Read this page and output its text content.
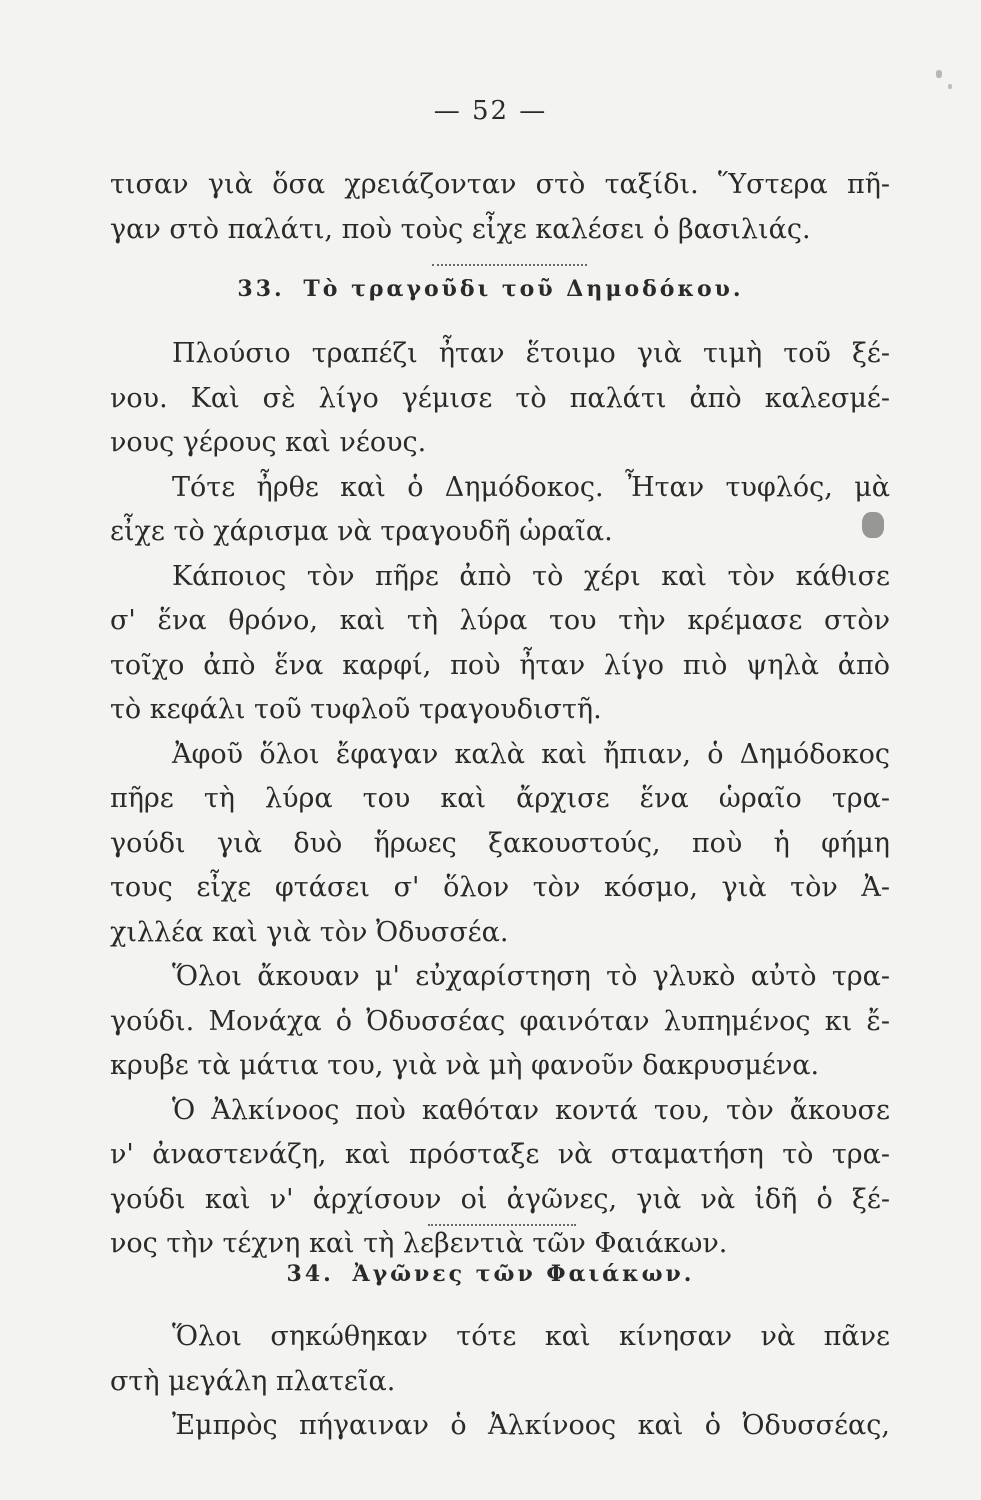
— 52 —
τισαν γιὰ ὅσα χρειάζονταν στὸ ταξίδι. Ὕστερα πῆ-
γαν στὸ παλάτι, ποὺ τοὺς εἶχε καλέσει ὁ βασιλιάς.
33. Τὸ τραγοῦδι τοῦ Δημοδόκου.
Πλούσιο τραπέζι ἦταν ἕτοιμο γιὰ τιμὴ τοῦ ξέ-
νου. Καὶ σὲ λίγο γέμισε τὸ παλάτι ἀπὸ καλεσμέ-
νους γέρους καὶ νέους.
Τότε ἦρθε καὶ ὁ Δημόδοκος. Ἦταν τυφλός, μὰ
εἶχε τὸ χάρισμα νὰ τραγουδῆ ὡραῖα.
Κάποιος τὸν πῆρε ἀπὸ τὸ χέρι καὶ τὸν κάθισε
σ' ἕνα θρόνο, καὶ τὴ λύρα του τὴν κρέμασε στὸν
τοῖχο ἀπὸ ἕνα καρφί, ποὺ ἦταν λίγο πιὸ ψηλὰ ἀπὸ
τὸ κεφάλι τοῦ τυφλοῦ τραγουδιστῆ.
Ἀφοῦ ὅλοι ἔφαγαν καλὰ καὶ ἤπιαν, ὁ Δημόδοκος
πῆρε τὴ λύρα του καὶ ἄρχισε ἕνα ὡραῖο τρα-
γούδι γιὰ δυὸ ἥρωες ξακουστούς, ποὺ ἡ φήμη
τους εἶχε φτάσει σ' ὅλον τὸν κόσμο, γιὰ τὸν Ἀ-
χιλλέα καὶ γιὰ τὸν Ὀδυσσέα.
Ὅλοι ἄκουαν μ' εὐχαρίστηση τὸ γλυκὸ αὐτὸ τρα-
γούδι. Μονάχα ὁ Ὀδυσσέας φαινόταν λυπημένος κι ἔ-
κρυβε τὰ μάτια του, γιὰ νὰ μὴ φανοῦν δακρυσμένα.
Ὁ Ἀλκίνοος ποὺ καθόταν κοντά του, τὸν ἄκουσε
ν' ἀναστενάζη, καὶ πρόσταξε νὰ σταματήση τὸ τρα-
γούδι καὶ ν' ἀρχίσουν οἱ ἀγῶνες, γιὰ νὰ ἰδῆ ὁ ξέ-
νος τὴν τέχνη καὶ τὴ λεβεντιὰ τῶν Φαιάκων.
34. Ἀγῶνες τῶν Φαιάκων.
Ὅλοι σηκώθηκαν τότε καὶ κίνησαν νὰ πᾶνε
στὴ μεγάλη πλατεῖα.
Ἐμπρὸς πήγαιναν ὁ Ἀλκίνοος καὶ ὁ Ὀδυσσέας,
